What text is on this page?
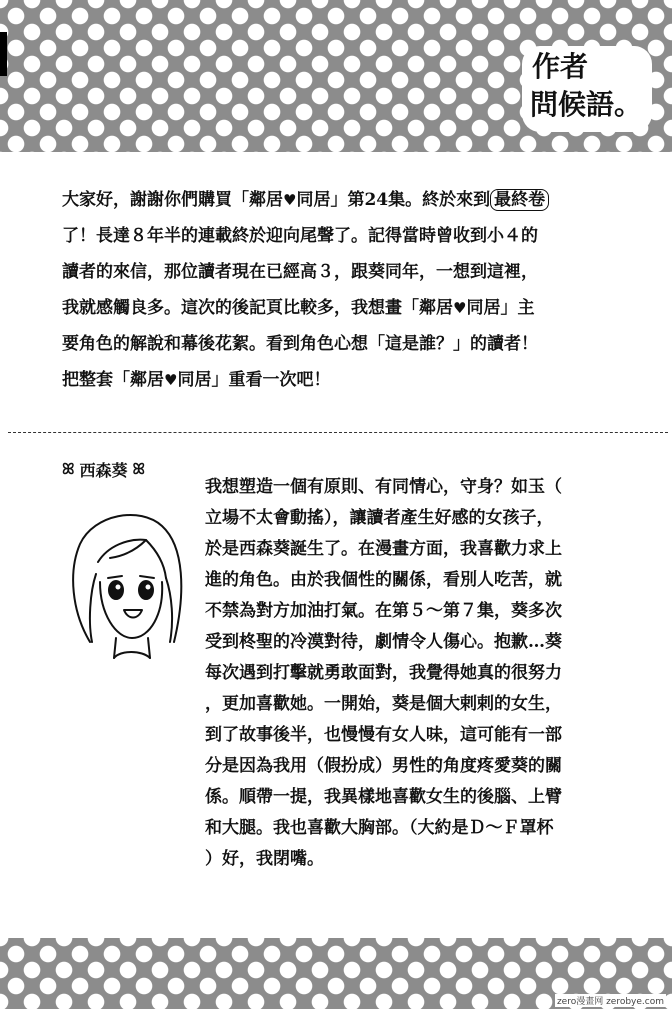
作者
問候語。
大家好，謝謝你們購買「鄰居♥同居」第24集。終於來到 最終卷
了！長達８年半的連載終於迎向尾聲了。記得當時曾收到小４的
讀者的來信，那位讀者現在已經高３，跟葵同年，一想到這裡，
我就感觸良多。這次的後記頁比較多，我想畫「鄰居♥同居」主
要角色的解說和幕後花絮。看到角色心想「這是誰？」的讀者！
把整套「鄰居♥同居」重看一次吧！
ꕤ 西森葵 ꕤ
我想塑造一個有原則、有同情心，守身？如玉（
立場不太會動搖），讓讀者產生好感的女孩子，
於是西森葵誕生了。在漫畫方面，我喜歡力求上
進的角色。由於我個性的關係，看別人吃苦，就
不禁為對方加油打氣。在第５～第７集，葵多次
受到柊聖的冷漠對待，劇情令人傷心。抱歉…葵
每次遇到打擊就勇敢面對，我覺得她真的很努力
，更加喜歡她。一開始，葵是個大剌剌的女生，
到了故事後半，也慢慢有女人味，這可能有一部
分是因為我用（假扮成）男性的角度疼愛葵的關
係。順帶一提，我異樣地喜歡女生的後腦、上臂
和大腿。我也喜歡大胸部。（大約是Ｄ～Ｆ罩杯
）好，我閉嘴。
zero漫畫网 zerobye.com
